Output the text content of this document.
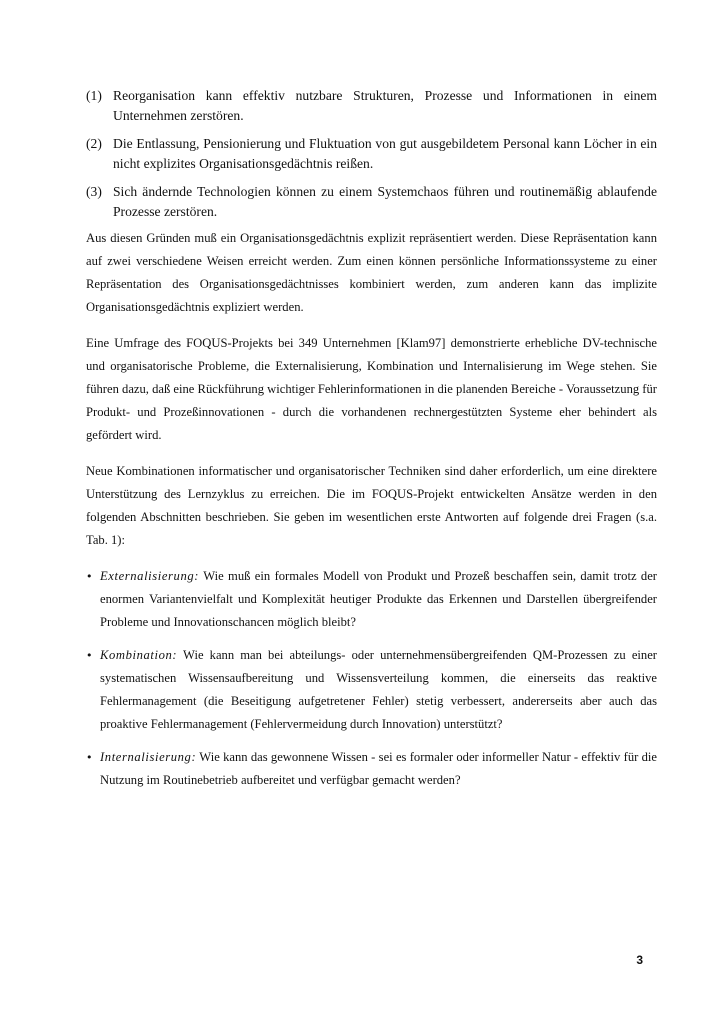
(1) Reorganisation kann effektiv nutzbare Strukturen, Prozesse und Informationen in einem Unternehmen zerstören.
(2) Die Entlassung, Pensionierung und Fluktuation von gut ausgebildetem Personal kann Löcher in ein nicht explizites Organisationsgedächtnis reißen.
(3) Sich ändernde Technologien können zu einem Systemchaos führen und routinemäßig ablaufende Prozesse zerstören.

Aus diesen Gründen muß ein Organisationsgedächtnis explizit repräsentiert werden. Diese Repräsentation kann auf zwei verschiedene Weisen erreicht werden. Zum einen können persönliche Informationssysteme zu einer Repräsentation des Organisationsgedächtnisses kombiniert werden, zum anderen kann das implizite Organisationsgedächtnis expliziert werden.

Eine Umfrage des FOQUS-Projekts bei 349 Unternehmen [Klam97] demonstrierte erhebliche DV-technische und organisatorische Probleme, die Externalisierung, Kombination und Internalisierung im Wege stehen. Sie führen dazu, daß eine Rückführung wichtiger Fehlerinformationen in die planenden Bereiche - Voraussetzung für Produkt- und Prozeßinnovationen - durch die vorhandenen rechnergestützten Systeme eher behindert als gefördert wird.

Neue Kombinationen informatischer und organisatorischer Techniken sind daher erforderlich, um eine direktere Unterstützung des Lernzyklus zu erreichen. Die im FOQUS-Projekt entwickelten Ansätze werden in den folgenden Abschnitten beschrieben. Sie geben im wesentlichen erste Antworten auf folgende drei Fragen (s.a. Tab. 1):

• Externalisierung: Wie muß ein formales Modell von Produkt und Prozeß beschaffen sein, damit trotz der enormen Variantenvielfalt und Komplexität heutiger Produkte das Erkennen und Darstellen übergreifender Probleme und Innovationschancen möglich bleibt?
• Kombination: Wie kann man bei abteilungs- oder unternehmensübergreifenden QM-Prozessen zu einer systematischen Wissensaufbereitung und Wissensverteilung kommen, die einerseits das reaktive Fehlermanagement (die Beseitigung aufgetretener Fehler) stetig verbessert, andererseits aber auch das proaktive Fehlermanagement (Fehlervermeidung durch Innovation) unterstützt?
• Internalisierung: Wie kann das gewonnene Wissen - sei es formaler oder informeller Natur - effektiv für die Nutzung im Routinebetrieb aufbereitet und verfügbar gemacht werden?
3
